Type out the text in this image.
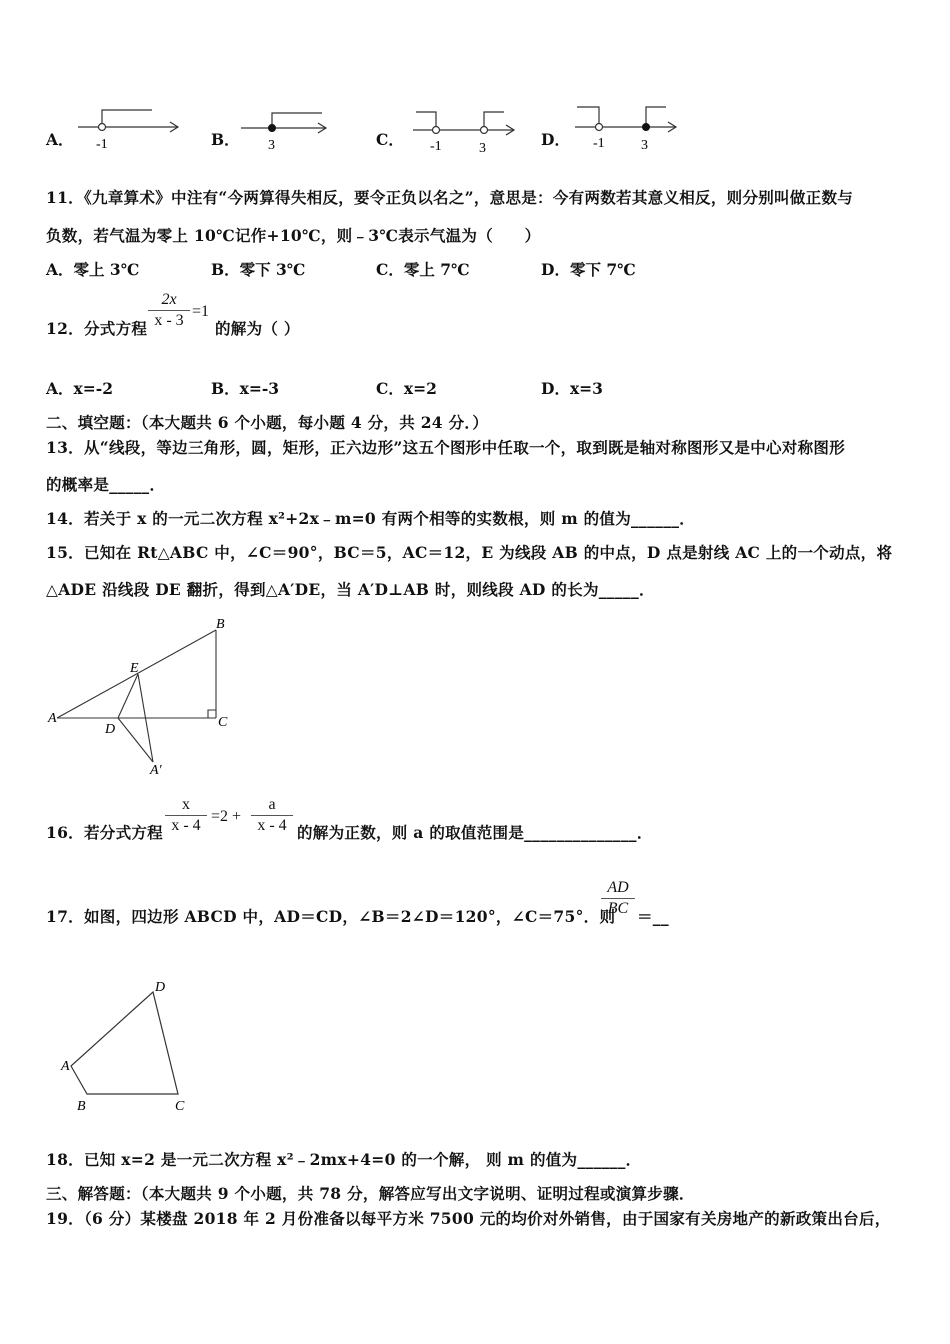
A． -1	B． 3	C． -1	3	D． -1	3
11．《九章算术》中注有“今两算得失相反，要令正负以名之”，意思是：今有两数若其意义相反，则分别叫做正数与
负数，若气温为零上 10℃记作+10℃，则﹣3℃表示气温为（　　）
A．零上 3℃	B．零下 3℃	C．零上 7℃	D．零下 7℃
12．分式方程
2x
x - 3
=1
的解为（ ）
A．x=-2	B．x=-3	C．x=2	D．x=3
二、填空题：（本大题共 6 个小题，每小题 4 分，共 24 分．）
13．从“线段，等边三角形，圆，矩形，正六边形”这五个图形中任取一个，取到既是轴对称图形又是中心对称图形
的概率是_____．
14．若关于 x 的一元二次方程 x²+2x﹣m=0 有两个相等的实数根，则 m 的值为______．
15．已知在 Rt△ABC 中，∠C＝90°，BC＝5，AC＝12，E 为线段 AB 的中点，D 点是射线 AC 上的一个动点，将
△ADE 沿线段 DE 翻折，得到△A′DE，当 A′D⊥AB 时，则线段 AD 的长为_____．
A
B
C
D
E
A′
16．若分式方程
x
x - 4
=2 +
a
x - 4 的解为正数，则 a 的取值范围是______________．
17．如图，四边形 ABCD 中，AD＝CD，∠B＝2∠D＝120°，∠C＝75°．则
AD
BC ＝__
A
B	C
D
18．已知 x=2 是一元二次方程 x²﹣2mx+4=0 的一个解， 则 m 的值为______．
三、解答题：（本大题共 9 个小题，共 78 分，解答应写出文字说明、证明过程或演算步骤．
19．（6 分）某楼盘 2018 年 2 月份准备以每平方米 7500 元的均价对外销售，由于国家有关房地产的新政策出台后，
